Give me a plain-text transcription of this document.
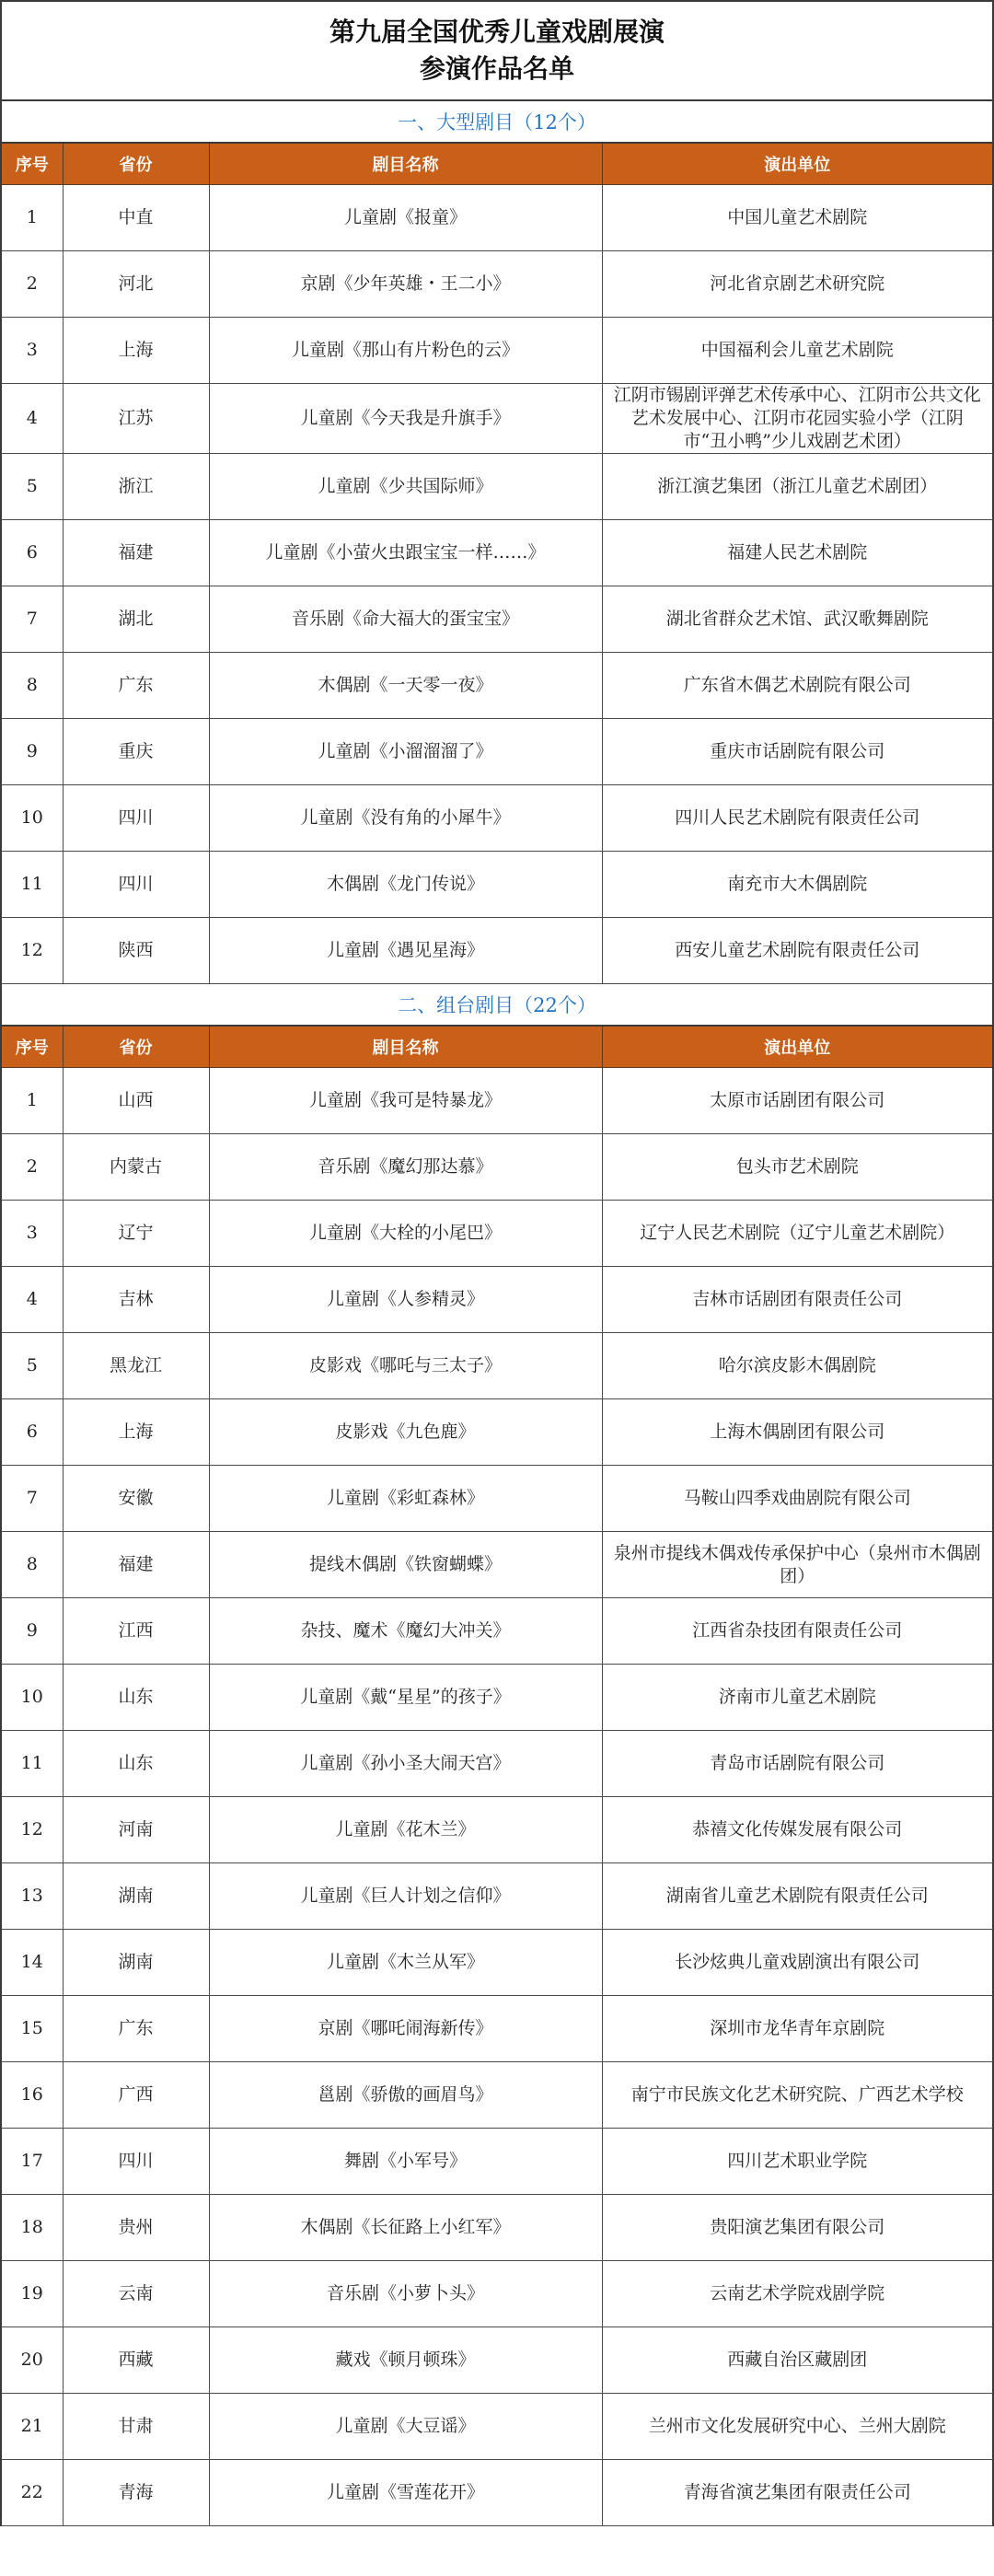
第九届全国优秀儿童戏剧展演
参演作品名单
一、大型剧目（12个）
序号	省份	剧目名称	演出单位
1	中直	儿童剧《报童》	中国儿童艺术剧院
2	河北	京剧《少年英雄・王二小》	河北省京剧艺术研究院
3	上海	儿童剧《那山有片粉色的云》	中国福利会儿童艺术剧院
4	江苏	儿童剧《今天我是升旗手》	江阴市锡剧评弹艺术传承中心、江阴市公共文化艺术发展中心、江阴市花园实验小学（江阴市“丑小鸭”少儿戏剧艺术团）
5	浙江	儿童剧《少共国际师》	浙江演艺集团（浙江儿童艺术剧团）
6	福建	儿童剧《小萤火虫跟宝宝一样……》	福建人民艺术剧院
7	湖北	音乐剧《命大福大的蛋宝宝》	湖北省群众艺术馆、武汉歌舞剧院
8	广东	木偶剧《一天零一夜》	广东省木偶艺术剧院有限公司
9	重庆	儿童剧《小溜溜溜了》	重庆市话剧院有限公司
10	四川	儿童剧《没有角的小犀牛》	四川人民艺术剧院有限责任公司
11	四川	木偶剧《龙门传说》	南充市大木偶剧院
12	陕西	儿童剧《遇见星海》	西安儿童艺术剧院有限责任公司
二、组台剧目（22个）
序号	省份	剧目名称	演出单位
1	山西	儿童剧《我可是特暴龙》	太原市话剧团有限公司
2	内蒙古	音乐剧《魔幻那达慕》	包头市艺术剧院
3	辽宁	儿童剧《大栓的小尾巴》	辽宁人民艺术剧院（辽宁儿童艺术剧院）
4	吉林	儿童剧《人参精灵》	吉林市话剧团有限责任公司
5	黑龙江	皮影戏《哪吒与三太子》	哈尔滨皮影木偶剧院
6	上海	皮影戏《九色鹿》	上海木偶剧团有限公司
7	安徽	儿童剧《彩虹森林》	马鞍山四季戏曲剧院有限公司
8	福建	提线木偶剧《铁窗蝴蝶》	泉州市提线木偶戏传承保护中心（泉州市木偶剧团）
9	江西	杂技、魔术《魔幻大冲关》	江西省杂技团有限责任公司
10	山东	儿童剧《戴“星星”的孩子》	济南市儿童艺术剧院
11	山东	儿童剧《孙小圣大闹天宫》	青岛市话剧院有限公司
12	河南	儿童剧《花木兰》	恭禧文化传媒发展有限公司
13	湖南	儿童剧《巨人计划之信仰》	湖南省儿童艺术剧院有限责任公司
14	湖南	儿童剧《木兰从军》	长沙炫典儿童戏剧演出有限公司
15	广东	京剧《哪吒闹海新传》	深圳市龙华青年京剧院
16	广西	邕剧《骄傲的画眉鸟》	南宁市民族文化艺术研究院、广西艺术学校
17	四川	舞剧《小军号》	四川艺术职业学院
18	贵州	木偶剧《长征路上小红军》	贵阳演艺集团有限公司
19	云南	音乐剧《小萝卜头》	云南艺术学院戏剧学院
20	西藏	藏戏《顿月顿珠》	西藏自治区藏剧团
21	甘肃	儿童剧《大豆谣》	兰州市文化发展研究中心、兰州大剧院
22	青海	儿童剧《雪莲花开》	青海省演艺集团有限责任公司
